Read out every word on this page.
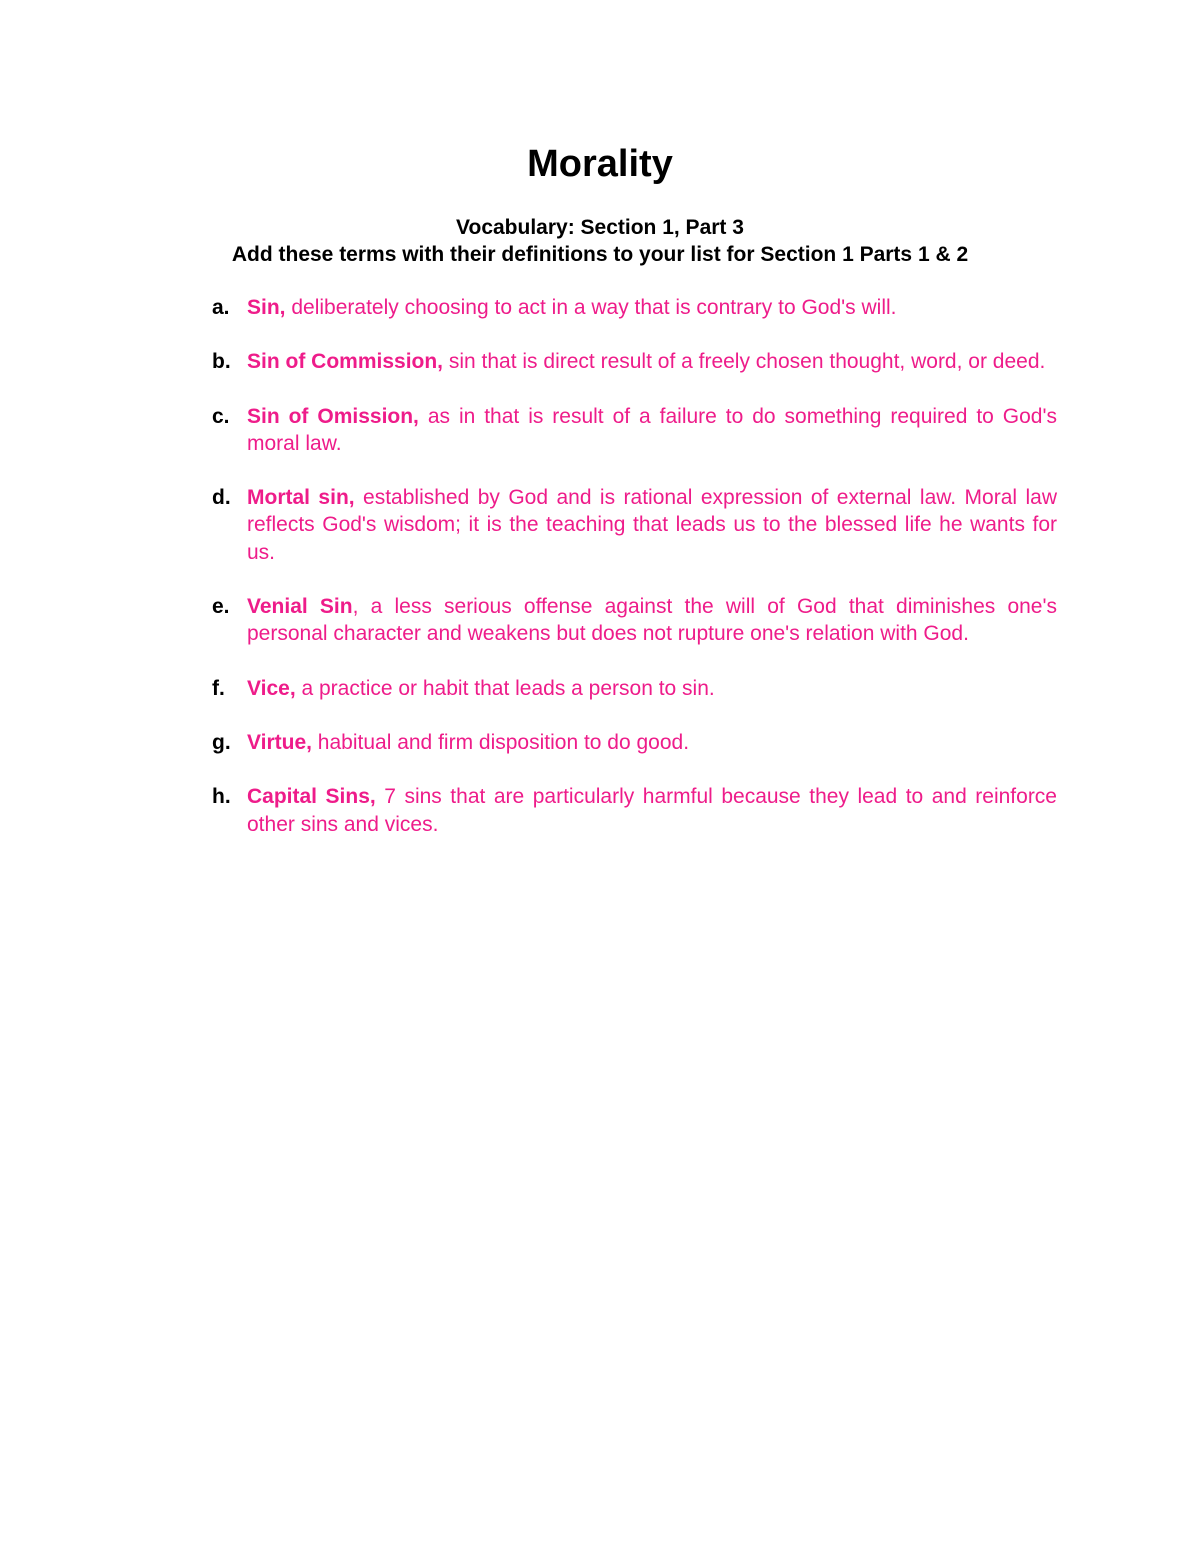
Morality
Vocabulary: Section 1, Part 3
Add these terms with their definitions to your list for Section 1 Parts 1 & 2
a. Sin, deliberately choosing to act in a way that is contrary to God's will.
b. Sin of Commission, sin that is direct result of a freely chosen thought, word, or deed.
c. Sin of Omission, as in that is result of a failure to do something required to God's moral law.
d. Mortal sin, established by God and is rational expression of external law. Moral law reflects God's wisdom; it is the teaching that leads us to the blessed life he wants for us.
e. Venial Sin, a less serious offense against the will of God that diminishes one's personal character and weakens but does not rupture one's relation with God.
f. Vice, a practice or habit that leads a person to sin.
g. Virtue, habitual and firm disposition to do good.
h. Capital Sins, 7 sins that are particularly harmful because they lead to and reinforce other sins and vices.
